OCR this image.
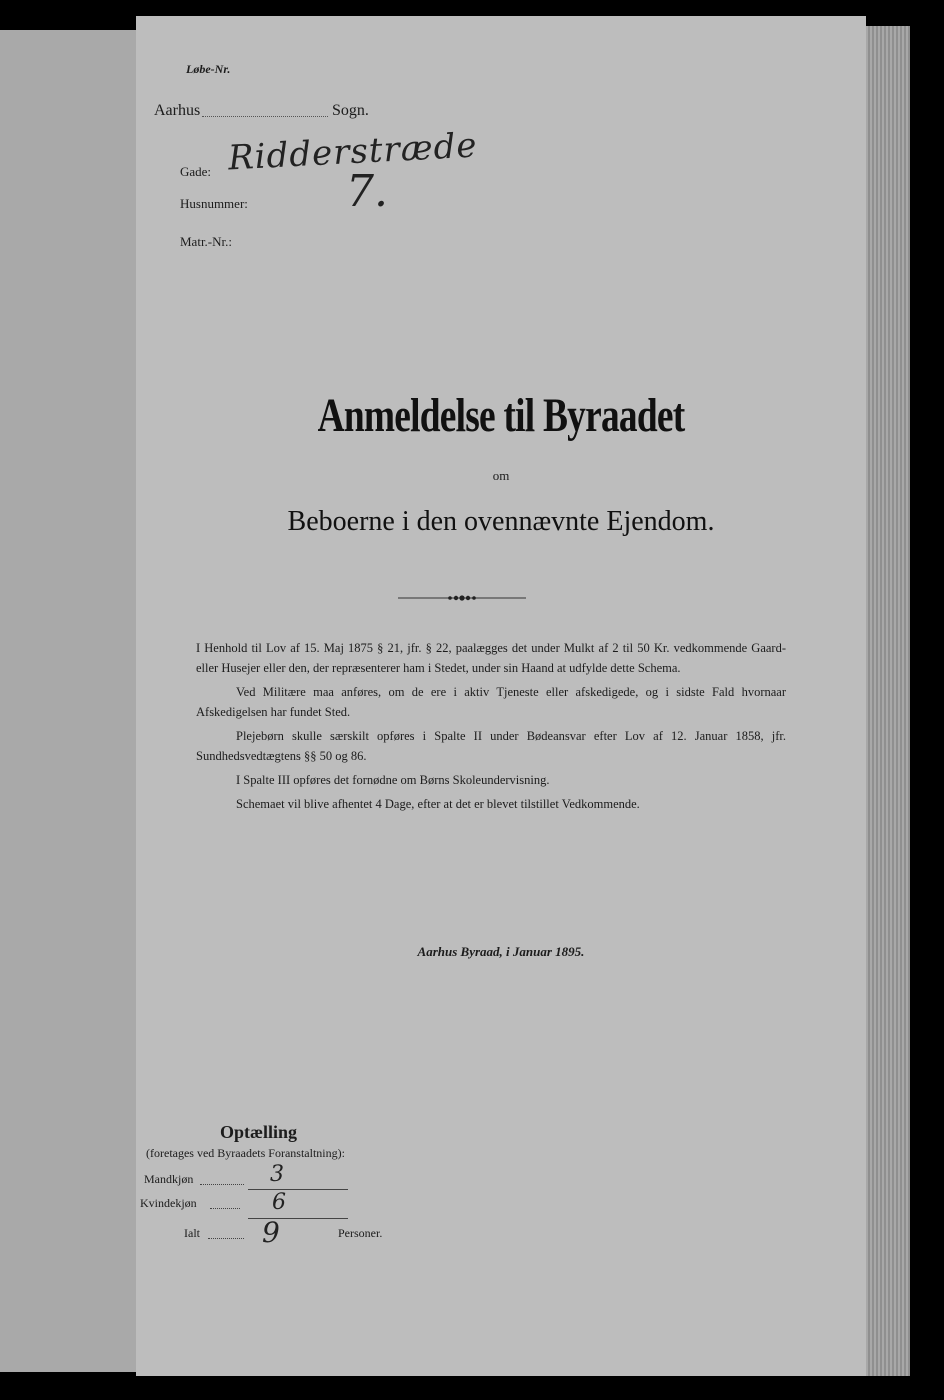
Løbe-Nr.
Aarhus	Sogn.
Gade: Ridderstræde
Husnummer: 7.
Matr.-Nr.:
Anmeldelse til Byraadet
om
Beboerne i den ovennævnte Ejendom.

I Henhold til Lov af 15. Maj 1875 § 21, jfr. § 22, paalægges det under Mulkt af 2 til 50 Kr. vedkommende Gaard- eller Husejer eller den, der repræsenterer ham i Stedet, under sin Haand at udfylde dette Schema.

Ved Militære maa anføres, om de ere i aktiv Tjeneste eller afskedigede, og i sidste Fald hvornaar Afskedigelsen har fundet Sted.

Plejebørn skulle særskilt opføres i Spalte II under Bødeansvar efter Lov af 12. Januar 1858, jfr. Sundhedsvedtægtens §§ 50 og 86.

I Spalte III opføres det fornødne om Børns Skoleundervisning.

Schemaet vil blive afhentet 4 Dage, efter at det er blevet tilstillet Vedkommende.

Aarhus Byraad, i Januar 1895.
Optælling
(foretages ved Byraadets Foranstaltning):
Mandkjøn	3
Kvindekjøn	6
Ialt 9	Personer.
